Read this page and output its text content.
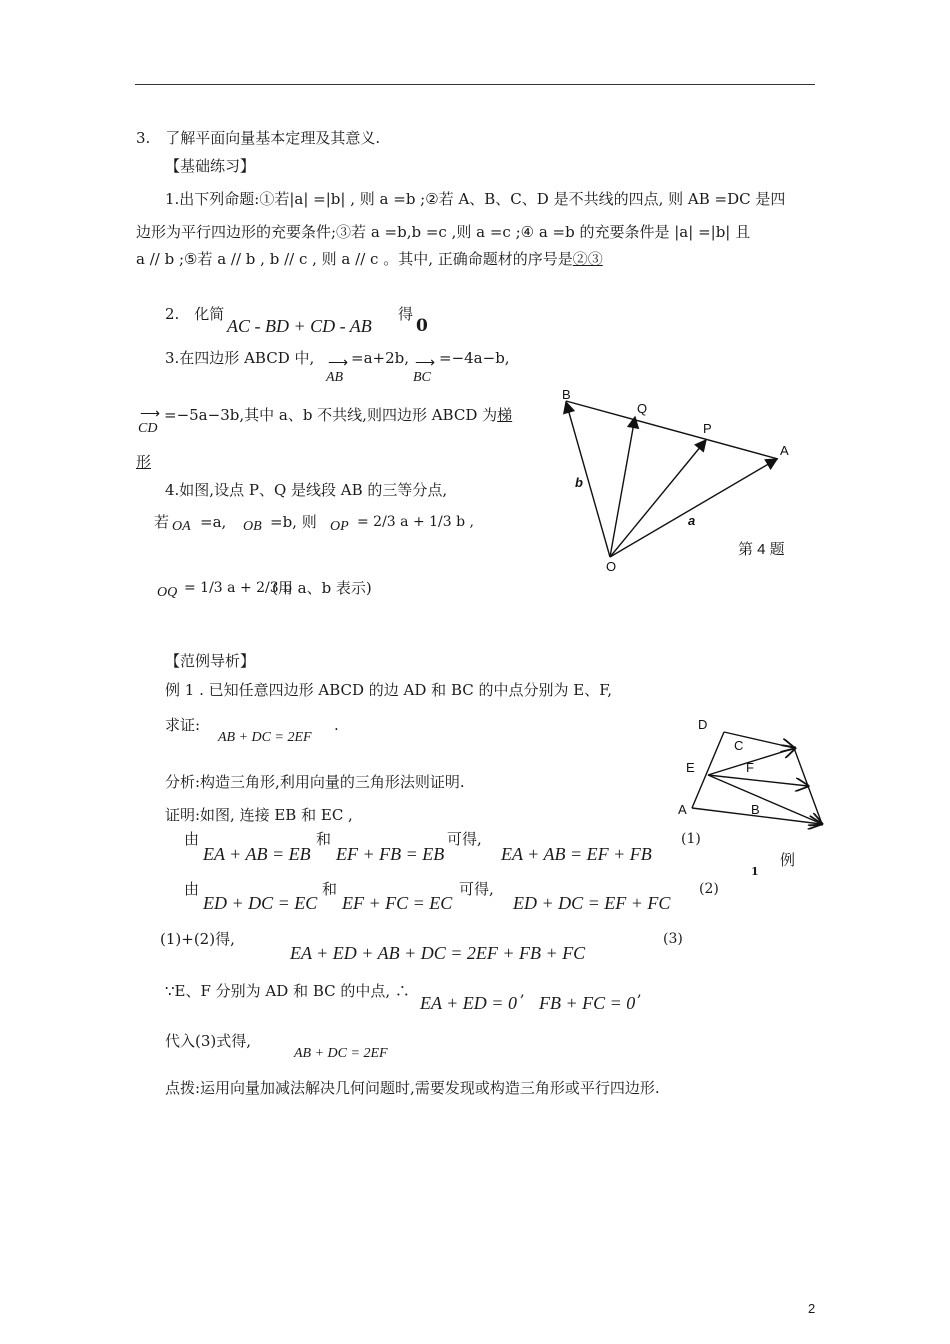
3.　了解平面向量基本定理及其意义.
【基础练习】
1.出下列命题:①若|a| =|b| , 则 a =b ;②若 A、B、C、D 是不共线的四点, 则 AB =DC 是四
边形为平行四边形的充要条件;③若 a =b,b =c ,则 a =c ;④ a =b 的充要条件是 |a| =|b| 且
a // b ;⑤若 a // b , b // c , 则 a // c 。其中, 正确命题材的序号是②③
2.　化简
AC - BD + CD - AB
得
0
3.在四边形 ABCD 中, ⟶
AB
=a+2b, ⟶
BC
=−4a−b,
⟶
CD
=−5a−3b,其中 a、b 不共线,则四边形 ABCD 为梯
形
4.如图,设点 P、Q 是线段 AB 的三等分点,
若 OA =a, OB =b, 则 OP = 2/3 a + 1/3 b ,
OQ = 1/3 a + 2/3 b
(用 a、b 表示)
B
Q
P
A
O
b
a
第 4 题
【范例导析】
例 1 . 已知任意四边形 ABCD 的边 AD 和 BC 的中点分别为 E、F,
求证:
AB + DC = 2EF
.
分析:构造三角形,利用向量的三角形法则证明.
证明:如图, 连接 EB 和 EC ,
由
EA + AB = EB
和
EF + FB = EB
可得,
EA + AB = EF + FB
(1)
由
ED + DC = EC
和
EF + FC = EC
可得,
ED + DC = EF + FC
(2)
(1)+(2)得,
EA + ED + AB + DC = 2EF + FB + FC
(3)
∵E、F 分别为 AD 和 BC 的中点, ∴
EA + ED = 0
,
FB + FC = 0
,
代入(3)式得,
AB + DC = 2EF
点拨:运用向量加减法解决几何问题时,需要发现或构造三角形或平行四边形.
D
C
E	F
A	B
例
1
2
